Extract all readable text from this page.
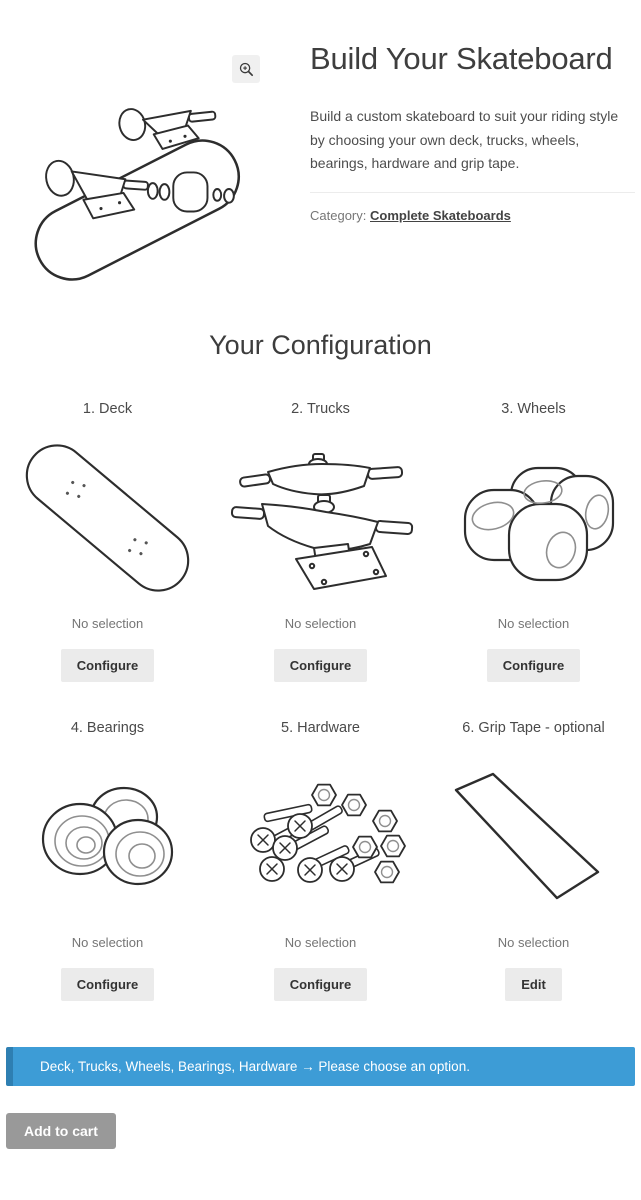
Build Your Skateboard

Build a custom skateboard to suit your riding style by choosing your own deck, trucks, wheels, bearings, hardware and grip tape.

Category: Complete Skateboards
Your Configuration
1. Deck
No selection
Configure
2. Trucks
No selection
Configure
3. Wheels
No selection
Configure
4. Bearings
No selection
Configure
5. Hardware
No selection
Configure
6. Grip Tape - optional
No selection
Edit
Deck, Trucks, Wheels, Bearings, Hardware → Please choose an option.
Add to cart
